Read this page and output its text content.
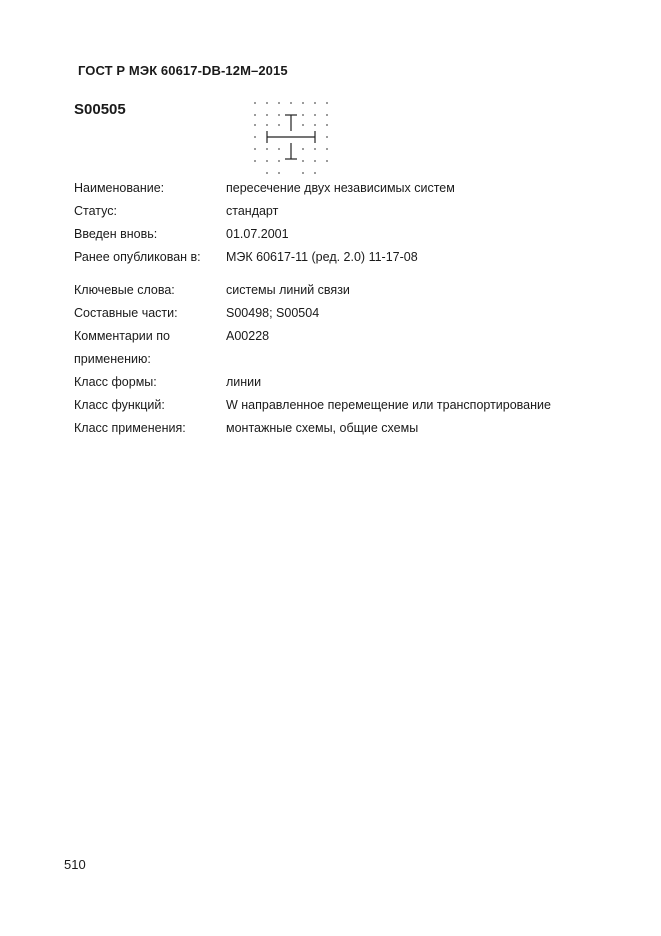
ГОСТ Р МЭК 60617-DB-12M–2015
S00505
Наименование:	пересечение двух независимых систем
Статус:	стандарт
Введен вновь:	01.07.2001
Ранее опубликован в:	МЭК 60617-11 (ред. 2.0) 11-17-08
Ключевые слова:	системы линий связи
Составные части:	S00498; S00504
Комментарии по применению:
A00228
Класс формы:	линии
Класс функций:	W направленное перемещение или транспортирование
Класс применения:	монтажные схемы, общие схемы
510
